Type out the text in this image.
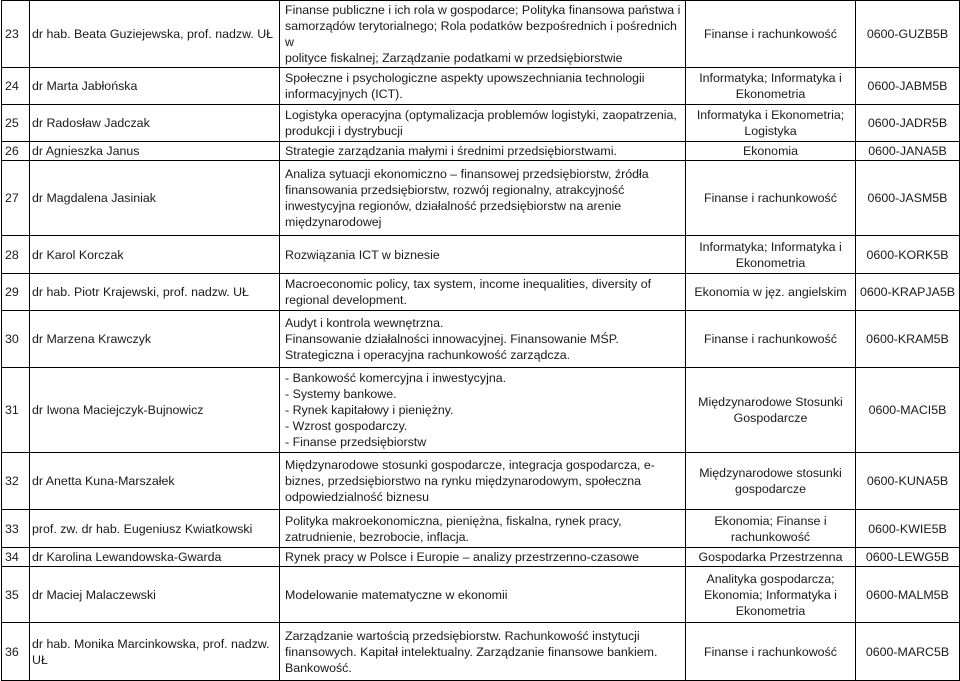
23	dr hab. Beata Guziejewska, prof. nadzw. UŁ	Finanse publiczne i ich rola w gospodarce; Polityka finansowa państwa i
samorządów terytorialnego; Rola podatków bezpośrednich i pośrednich w
polityce fiskalnej; Zarządzanie podatkami w przedsiębiorstwie	Finanse i rachunkowość	0600-GUZB5B
24	dr Marta Jabłońska	Społeczne i psychologiczne aspekty upowszechniania technologii
informacyjnych (ICT).	Informatyka; Informatyka i
Ekonometria	0600-JABM5B
25	dr Radosław Jadczak	Logistyka operacyjna (optymalizacja problemów logistyki, zaopatrzenia,
produkcji i dystrybucji	Informatyka i Ekonometria;
Logistyka	0600-JADR5B
26	dr Agnieszka Janus	Strategie zarządzania małymi i średnimi przedsiębiorstwami.	Ekonomia	0600-JANA5B
27	dr Magdalena Jasiniak	Analiza sytuacji ekonomiczno – finansowej przedsiębiorstw, źródła
finansowania przedsiębiorstw, rozwój regionalny, atrakcyjność
inwestycyjna regionów, działalność przedsiębiorstw na arenie
międzynarodowej	Finanse i rachunkowość	0600-JASM5B
28	dr Karol Korczak	Rozwiązania ICT w biznesie	Informatyka; Informatyka i
Ekonometria	0600-KORK5B
29	dr hab. Piotr Krajewski, prof. nadzw. UŁ	Macroeconomic policy, tax system, income inequalities, diversity of
regional development.	Ekonomia w jęz. angielskim	0600-KRAPJA5B
30	dr Marzena Krawczyk	Audyt i kontrola wewnętrzna.
Finansowanie działalności innowacyjnej. Finansowanie MŚP.
Strategiczna i operacyjna rachunkowość zarządcza.	Finanse i rachunkowość	0600-KRAM5B
31	dr Iwona Maciejczyk-Bujnowicz	- Bankowość komercyjna i inwestycyjna.
- Systemy bankowe.
- Rynek kapitałowy i pieniężny.
- Wzrost gospodarczy.
- Finanse przedsiębiorstw	Międzynarodowe Stosunki
Gospodarcze	0600-MACI5B
32	dr Anetta Kuna-Marszałek	Międzynarodowe stosunki gospodarcze, integracja gospodarcza, e-
biznes, przedsiębiorstwo na rynku międzynarodowym, społeczna
odpowiedzialność biznesu	Międzynarodowe stosunki
gospodarcze	0600-KUNA5B
33	prof. zw. dr hab. Eugeniusz Kwiatkowski	Polityka makroekonomiczna, pieniężna, fiskalna, rynek pracy,
zatrudnienie, bezrobocie, inflacja.	Ekonomia; Finanse i
rachunkowość	0600-KWIE5B
34	dr Karolina Lewandowska-Gwarda	Rynek pracy w Polsce i Europie – analizy przestrzenno-czasowe	Gospodarka Przestrzenna	0600-LEWG5B
35	dr Maciej Malaczewski	Modelowanie matematyczne w ekonomii	Analityka gospodarcza;
Ekonomia; Informatyka i
Ekonometria	0600-MALM5B
36	dr hab. Monika Marcinkowska, prof. nadzw.
UŁ	Zarządzanie wartością przedsiębiorstw. Rachunkowość instytucji
finansowych. Kapitał intelektualny. Zarządzanie finansowe bankiem.
Bankowość.	Finanse i rachunkowość	0600-MARC5B
